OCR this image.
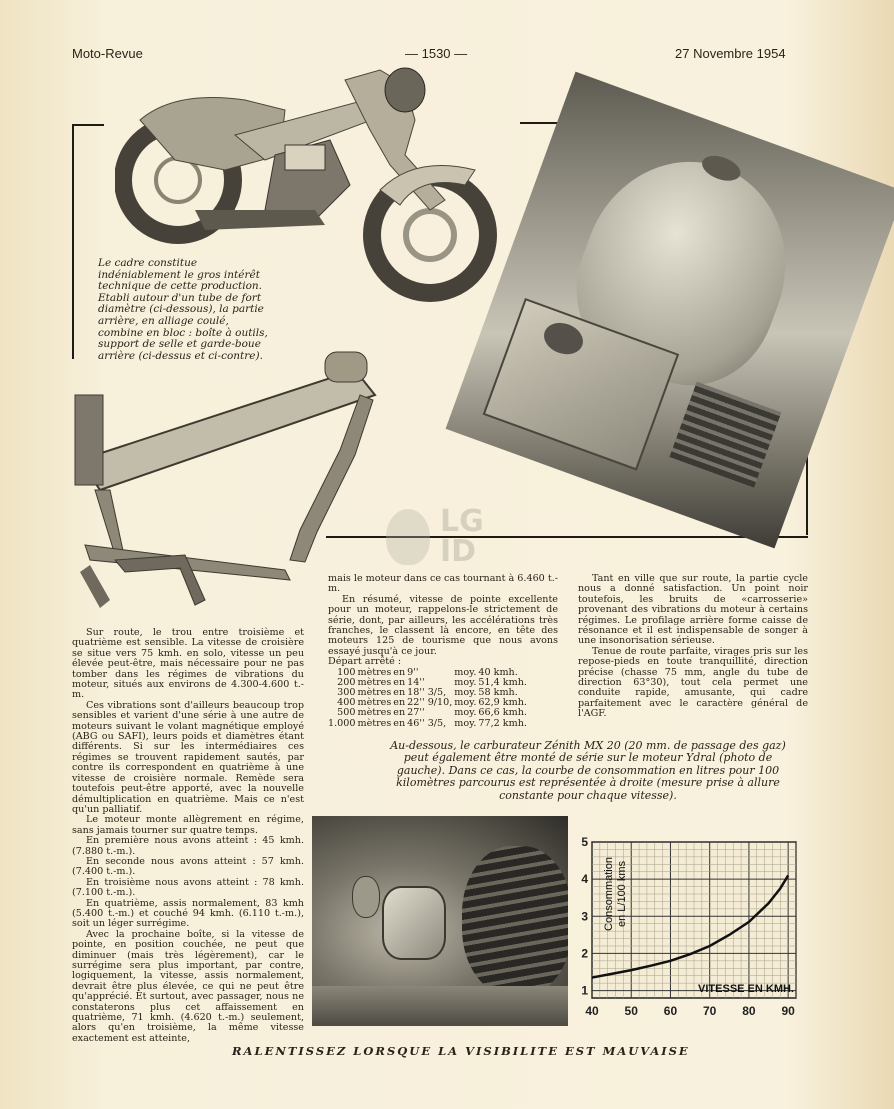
Moto-Revue	— 1530 —	27 Novembre 1954
Le cadre constitue indéniablement le gros intérêt technique de cette production. Etabli autour d'un tube de fort diamètre (ci-dessous), la partie arrière, en alliage coulé, combine en bloc : boîte à outils, support de selle et garde-boue arrière (ci-dessus et ci-contre).
LG
ID

Sur route, le trou entre troisième et quatrième est sensible. La vitesse de croisière se situe vers 75 kmh. en solo, vitesse un peu élevée peut-être, mais nécessaire pour ne pas tomber dans les régimes de vibrations du moteur, situés aux environs de 4.300-4.600 t.-m.

Ces vibrations sont d'ailleurs beaucoup trop sensibles et varient d'une série à une autre de moteurs suivant le volant magnétique employé (ABG ou SAFI), leurs poids et diamètres étant différents. Si sur les intermédiaires ces régimes se trouvent rapidement sautés, par contre ils correspondent en quatrième à une vitesse de croisière normale. Remède sera toutefois peut-être apporté, avec la nouvelle démultiplication en quatrième. Mais ce n'est qu'un palliatif.

Le moteur monte allègrement en régime, sans jamais tourner sur quatre temps.

En première nous avons atteint : 45 kmh. (7.880 t.-m.).

En seconde nous avons atteint : 57 kmh. (7.400 t.-m.).

En troisième nous avons atteint : 78 kmh. (7.100 t.-m.).

En quatrième, assis normalement, 83 kmh (5.400 t.-m.) et couché 94 kmh. (6.110 t.-m.), soit un léger surrégime.

Avec la prochaine boîte, si la vitesse de pointe, en position couchée, ne peut que diminuer (mais très légèrement), car le surrégime sera plus important, par contre, logiquement, la vitesse, assis normalement, devrait être plus élevée, ce qui ne peut être qu'apprécié. Et surtout, avec passager, nous ne constaterons plus cet affaissement en quatrième, 71 kmh. (4.620 t.-m.) seulement, alors qu'en troisième, la même vitesse exactement est atteinte,

mais le moteur dans ce cas tournant à 6.460 t.-m.

En résumé, vitesse de pointe excellente pour un moteur, rappelons-le strictement de série, dont, par ailleurs, les accélérations très franches, le classent là encore, en tête des moteurs 125 de tourisme que nous avons essayé jusqu'à ce jour.

Départ arrêté :

100	mètres	en	9''	moy.	40 kmh.
200	mètres	en	14''	moy.	51,4 kmh.
300	mètres	en	18'' 3/5,	moy.	58 kmh.
400	mètres	en	22'' 9/10,	moy.	62,9 kmh.
500	mètres	en	27''	moy.	66,6 kmh.
1.000	mètres	en	46'' 3/5,	moy.	77,2 kmh.

Tant en ville que sur route, la partie cycle nous a donné satisfaction. Un point noir toutefois, les bruits de «carrosserie» provenant des vibrations du moteur à certains régimes. Le profilage arrière forme caisse de résonance et il est indispensable de songer à une insonorisation sérieuse.

Tenue de route parfaite, virages pris sur les repose-pieds en toute tranquillité, direction précise (chasse 75 mm, angle du tube de direction 63°30), tout cela permet une conduite rapide, amusante, qui cadre parfaitement avec le caractère général de l'AGF.

Au-dessous, le carburateur Zénith MX 20 (20 mm. de passage des gaz) peut également être monté de série sur le moteur Ydral (photo de gauche). Dans ce cas, la courbe de consommation en litres pour 100 kilomètres parcourus est représentée à droite (mesure prise à allure constante pour chaque vitesse).
40 50 60 70 80 90
1
2
3
4
5
VITESSE EN KMH.
Consommationen L/100 kms
RALENTISSEZ LORSQUE LA VISIBILITE EST MAUVAISE
